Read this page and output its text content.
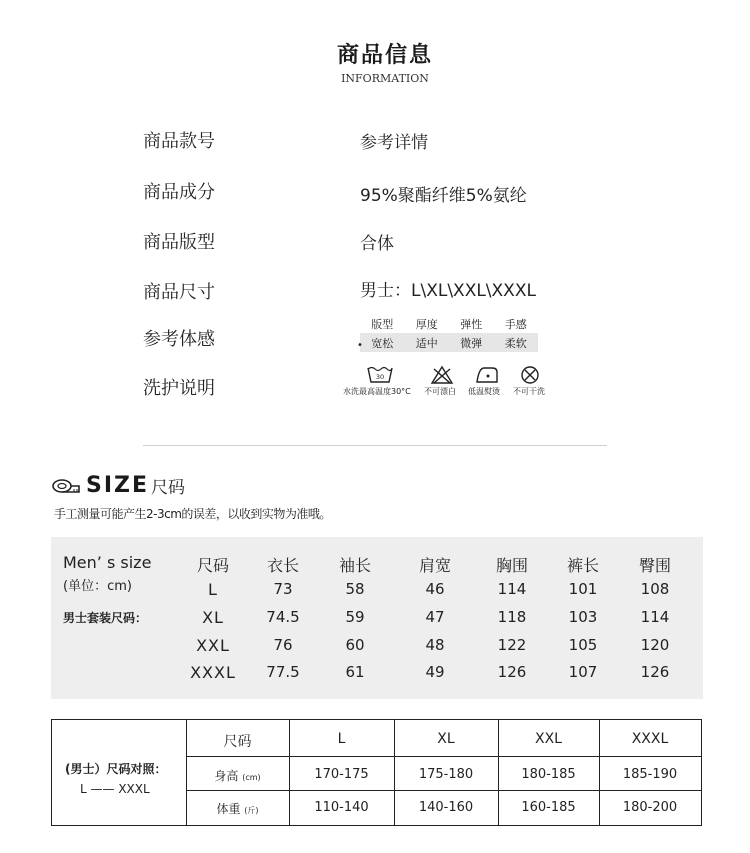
商品信息
INFORMATION
商品款号	参考详情
商品成分	95%聚酯纤维5%氨纶
商品版型	合体
商品尺寸	男士：L\XL\XXL\XXXL
参考体感
洗护说明
版型	厚度	弹性	手感
宽松	适中	微弹	柔软
•
30
水洗最高温度30°C 不可漂白 低温熨烫 不可干洗
SIZE 尺码
手工测量可能产生2-3cm的误差，以收到实物为准哦。
Men’ s size
(单位：cm)
男士套装尺码：
尺码	衣长	袖长	肩宽	胸围	裤长	臀围
L	73	58	46	114	101	108
XL	74.5	59	47	118	103	114
XXL	76	60	48	122	105	120
XXXL	77.5	61	49	126	107	126
(男士）尺码对照：
L —— XXXL
尺码	L	XL	XXL	XXXL
身高 (cm)	170-175	175-180	180-185	185-190
体重 (斤)	110-140	140-160	160-185	180-200
